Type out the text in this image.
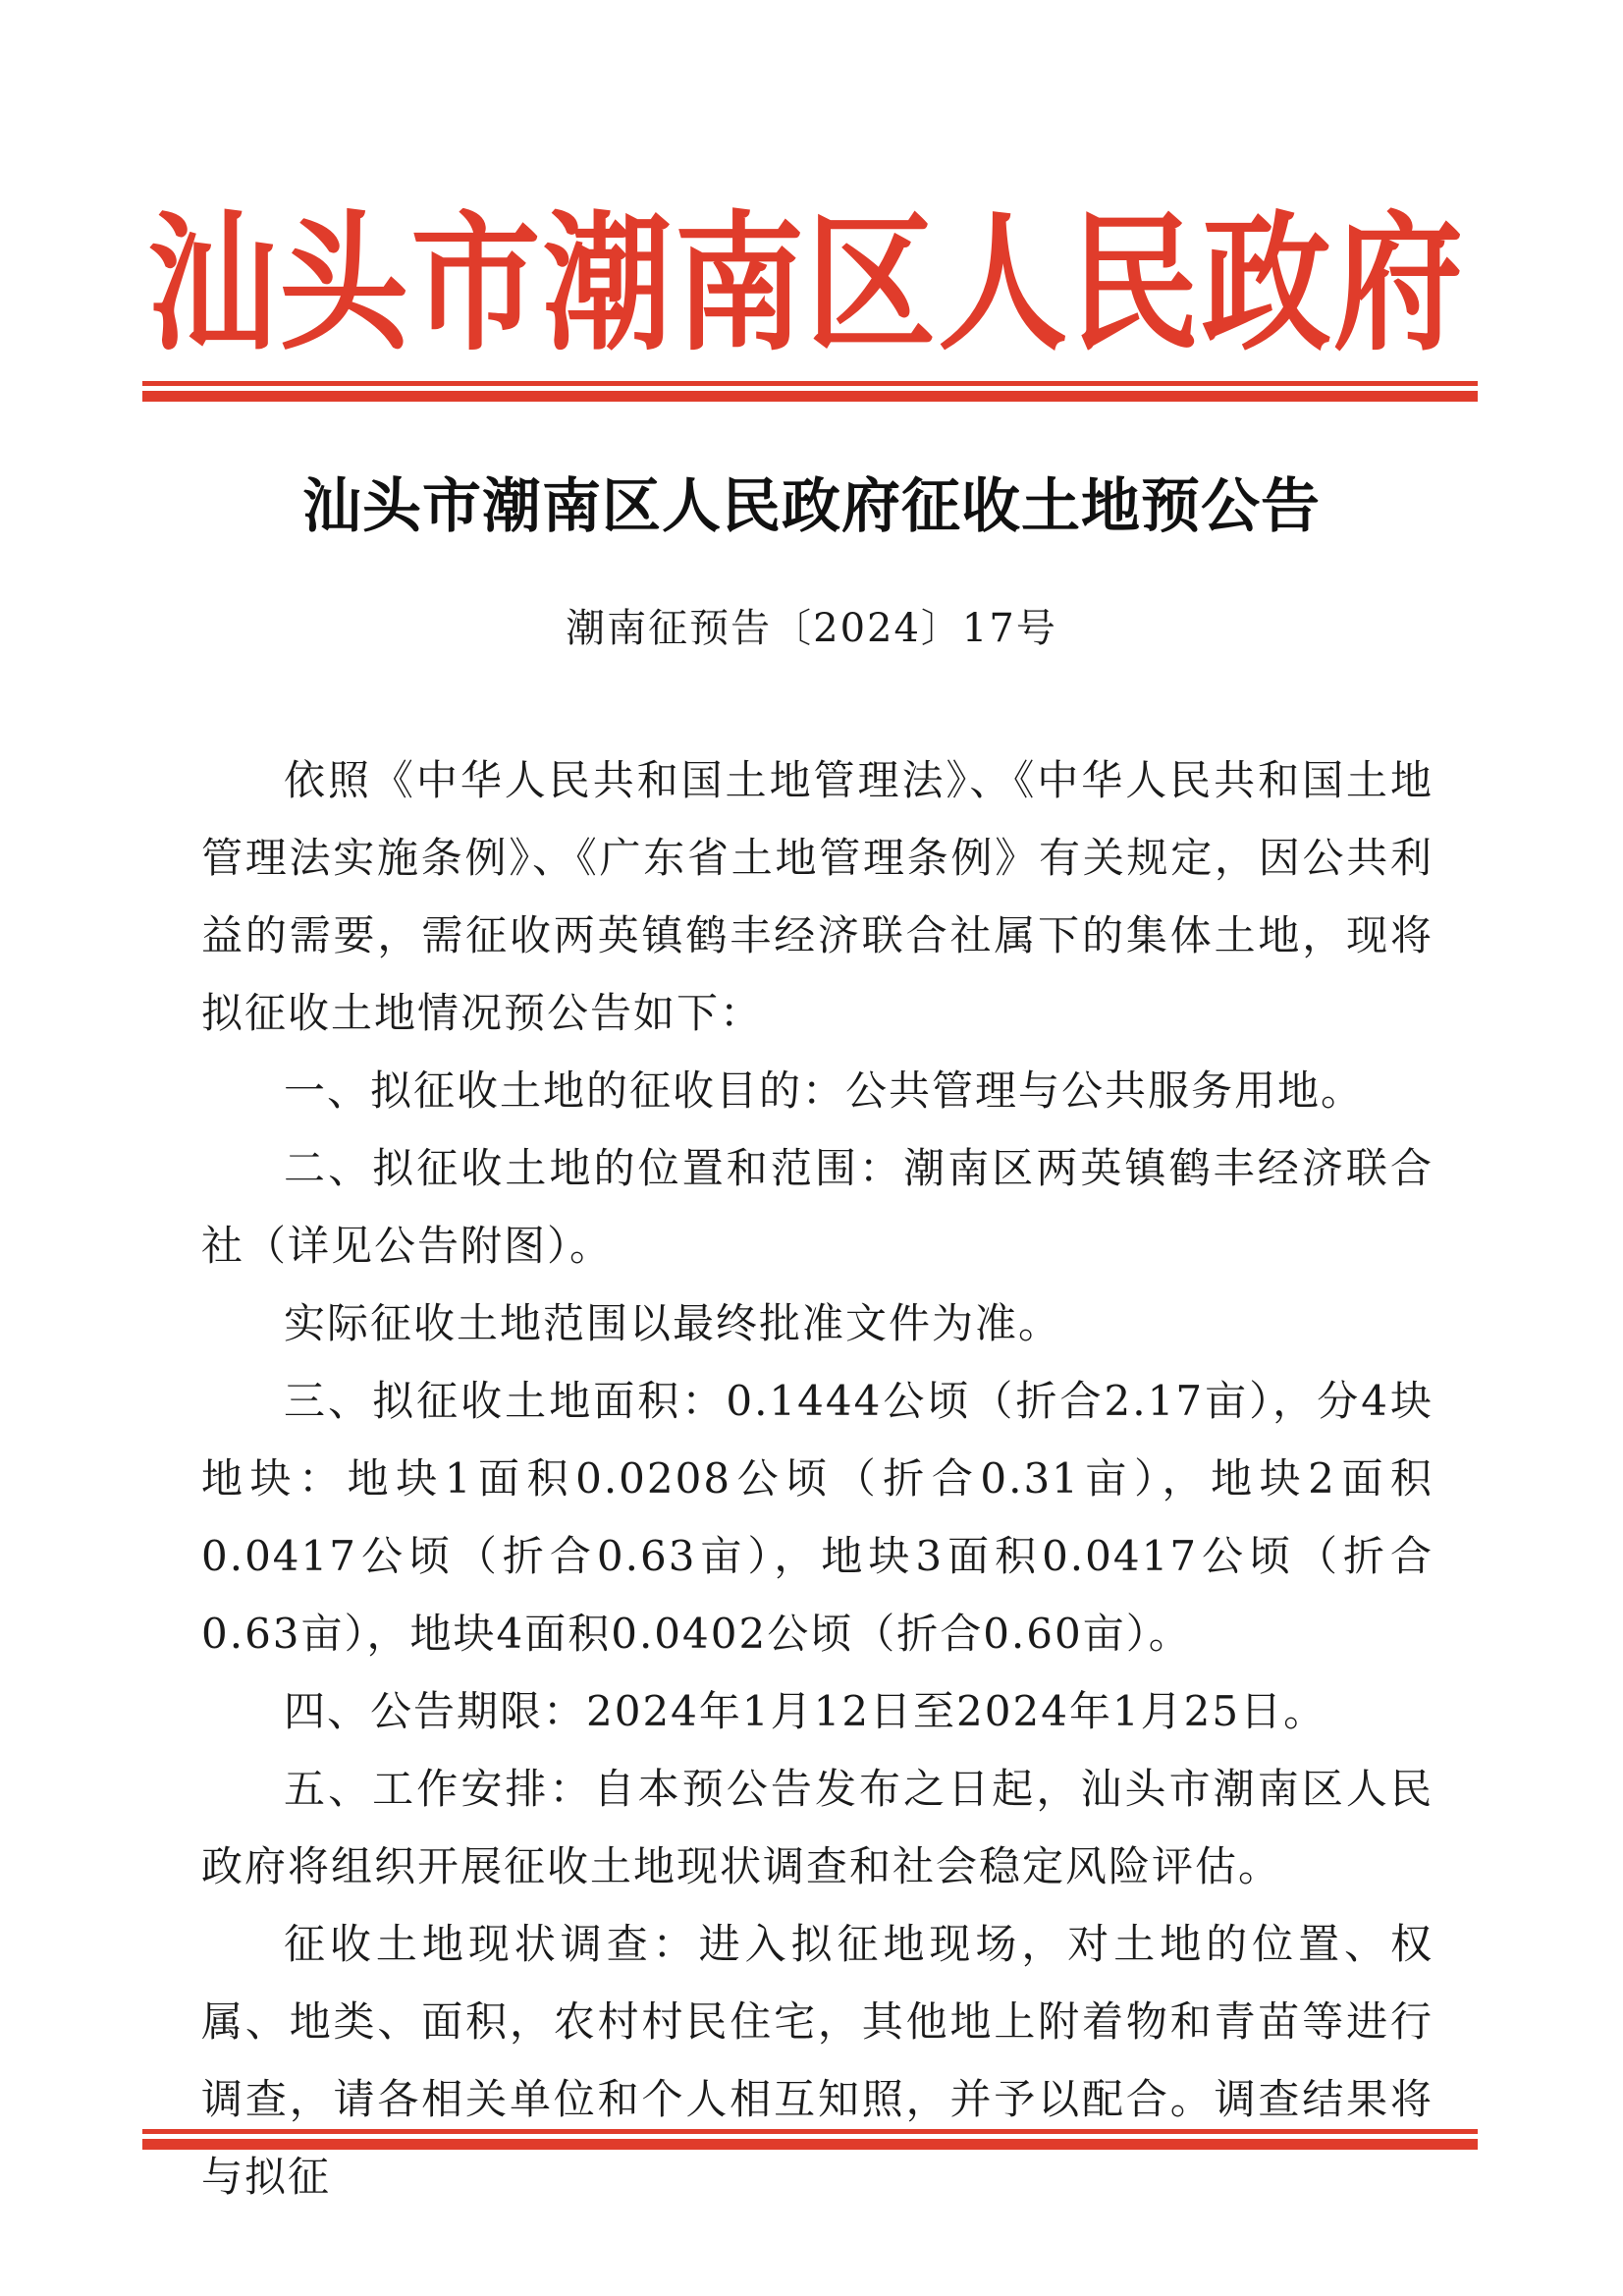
汕 头 市 潮 南 区 人 民 政 府
汕头市潮南区人民政府征收土地预公告
潮南征预告〔2024〕17号

依照《中华人民共和国土地管理法》、《中华人民共和国土地管理法实施条例》、《广东省土地管理条例》有关规定，因公共利益的需要，需征收两英镇鹤丰经济联合社属下的集体土地，现将拟征收土地情况预公告如下：

一、拟征收土地的征收目的：公共管理与公共服务用地。

二、拟征收土地的位置和范围：潮南区两英镇鹤丰经济联合社（详见公告附图）。

实际征收土地范围以最终批准文件为准。

三、拟征收土地面积：0.1444公顷（折合2.17亩），分4块地块：地块1面积0.0208公顷（折合0.31亩），地块2面积0.0417公顷（折合0.63亩），地块3面积0.0417公顷（折合0.63亩），地块4面积0.0402公顷（折合0.60亩）。

四、公告期限：2024年1月12日至2024年1月25日。

五、工作安排：自本预公告发布之日起，汕头市潮南区人民政府将组织开展征收土地现状调查和社会稳定风险评估。

征收土地现状调查：进入拟征地现场，对土地的位置、权属、地类、面积，农村村民住宅，其他地上附着物和青苗等进行调查，请各相关单位和个人相互知照，并予以配合。调查结果将与拟征
